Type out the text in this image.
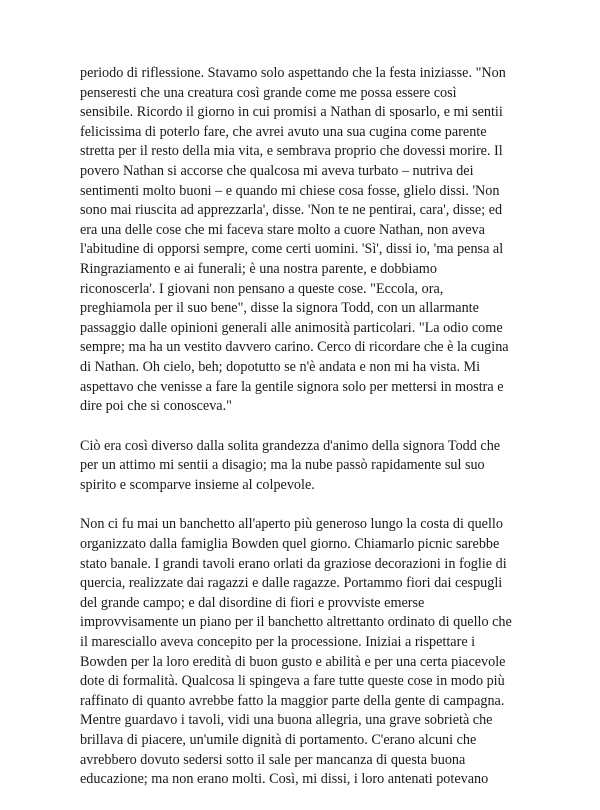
periodo di riflessione. Stavamo solo aspettando che la festa iniziasse. "Non
penseresti che una creatura così grande come me possa essere così
sensibile. Ricordo il giorno in cui promisi a Nathan di sposarlo, e mi sentii
felicissima di poterlo fare, che avrei avuto una sua cugina come parente
stretta per il resto della mia vita, e sembrava proprio che dovessi morire. Il
povero Nathan si accorse che qualcosa mi aveva turbato – nutriva dei
sentimenti molto buoni – e quando mi chiese cosa fosse, glielo dissi. 'Non
sono mai riuscita ad apprezzarla', disse. 'Non te ne pentirai, cara', disse; ed
era una delle cose che mi faceva stare molto a cuore Nathan, non aveva
l'abitudine di opporsi sempre, come certi uomini. 'Sì', dissi io, 'ma pensa al
Ringraziamento e ai funerali; è una nostra parente, e dobbiamo
riconoscerla'. I giovani non pensano a queste cose. "Eccola, ora,
preghiamola per il suo bene", disse la signora Todd, con un allarmante
passaggio dalle opinioni generali alle animosità particolari. "La odio come
sempre; ma ha un vestito davvero carino. Cerco di ricordare che è la cugina
di Nathan. Oh cielo, beh; dopotutto se n'è andata e non mi ha vista. Mi
aspettavo che venisse a fare la gentile signora solo per mettersi in mostra e
dire poi che si conosceva."

Ciò era così diverso dalla solita grandezza d'animo della signora Todd che
per un attimo mi sentii a disagio; ma la nube passò rapidamente sul suo
spirito e scomparve insieme al colpevole.

Non ci fu mai un banchetto all'aperto più generoso lungo la costa di quello
organizzato dalla famiglia Bowden quel giorno. Chiamarlo picnic sarebbe
stato banale. I grandi tavoli erano orlati da graziose decorazioni in foglie di
quercia, realizzate dai ragazzi e dalle ragazze. Portammo fiori dai cespugli
del grande campo; e dal disordine di fiori e provviste emerse
improvvisamente un piano per il banchetto altrettanto ordinato di quello che
il maresciallo aveva concepito per la processione. Iniziai a rispettare i
Bowden per la loro eredità di buon gusto e abilità e per una certa piacevole
dote di formalità. Qualcosa li spingeva a fare tutte queste cose in modo più
raffinato di quanto avrebbe fatto la maggior parte della gente di campagna.
Mentre guardavo i tavoli, vidi una buona allegria, una grave sobrietà che
brillava di piacere, un'umile dignità di portamento. C'erano alcuni che
avrebbero dovuto sedersi sotto il sale per mancanza di questa buona
educazione; ma non erano molti. Così, mi dissi, i loro antenati potevano
